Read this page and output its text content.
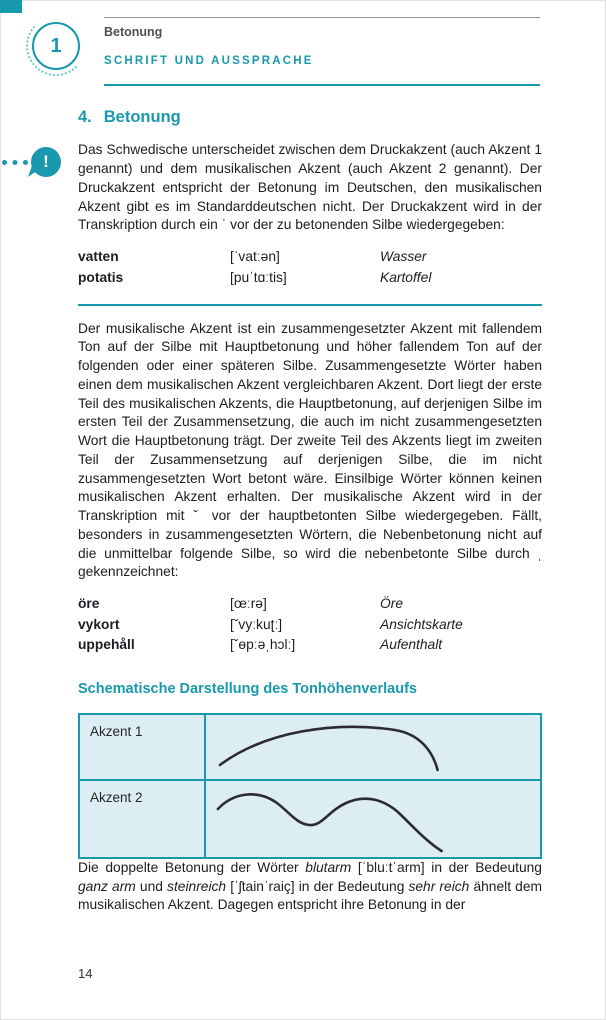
1
Betonung
SCHRIFT UND AUSSPRACHE
!
4. Betonung

Das Schwedische unterscheidet zwischen dem Druckakzent (auch Akzent 1 genannt) und dem musikalischen Akzent (auch Akzent 2 genannt). Der Druckakzent entspricht der Betonung im Deutschen, den musikalischen Akzent gibt es im Standarddeutschen nicht. Der Druckakzent wird in der Transkription durch ein ˈ vor der zu betonenden Silbe wiedergegeben:

vatten	[ˈvatːən]	Wasser
potatis	[puˈtɑːtis]	Kartoffel

Der musikalische Akzent ist ein zusammengesetzter Akzent mit fallendem Ton auf der Silbe mit Hauptbetonung und höher fallendem Ton auf der folgenden oder einer späteren Silbe. Zusammengesetzte Wörter haben einen dem musikalischen Akzent vergleichbaren Akzent. Dort liegt der erste Teil des musikalischen Akzents, die Hauptbetonung, auf derjenigen Silbe im ersten Teil der Zusammensetzung, die auch im nicht zusammengesetzten Wort die Hauptbetonung trägt. Der zweite Teil des Akzents liegt im zweiten Teil der Zusammensetzung auf derjenigen Silbe, die im nicht zusammengesetzten Wort betont wäre. Einsilbige Wörter können keinen musikalischen Akzent erhalten. Der musikalische Akzent wird in der Transkription mit ˇ vor der hauptbetonten Silbe wiedergegeben. Fällt, besonders in zusammengesetzten Wörtern, die Nebenbetonung nicht auf die unmittelbar folgende Silbe, so wird die nebenbetonte Silbe durch ˌ gekennzeichnet:

öre	[œːrə]	Öre
vykort	[ˇvyːkuʈː]	Ansichtskarte
uppehåll	[ˇɵpːəˌhɔlː]	Aufenthalt
Schematische Darstellung des Tonhöhenverlaufs
Akzent 1
Akzent 2

Die doppelte Betonung der Wörter blutarm [ˈbluːtˈarm] in der Bedeutung ganz arm und steinreich [ˈʃtainˈraiç] in der Bedeutung sehr reich ähnelt dem musikalischen Akzent. Dagegen entspricht ihre Betonung in der

14
